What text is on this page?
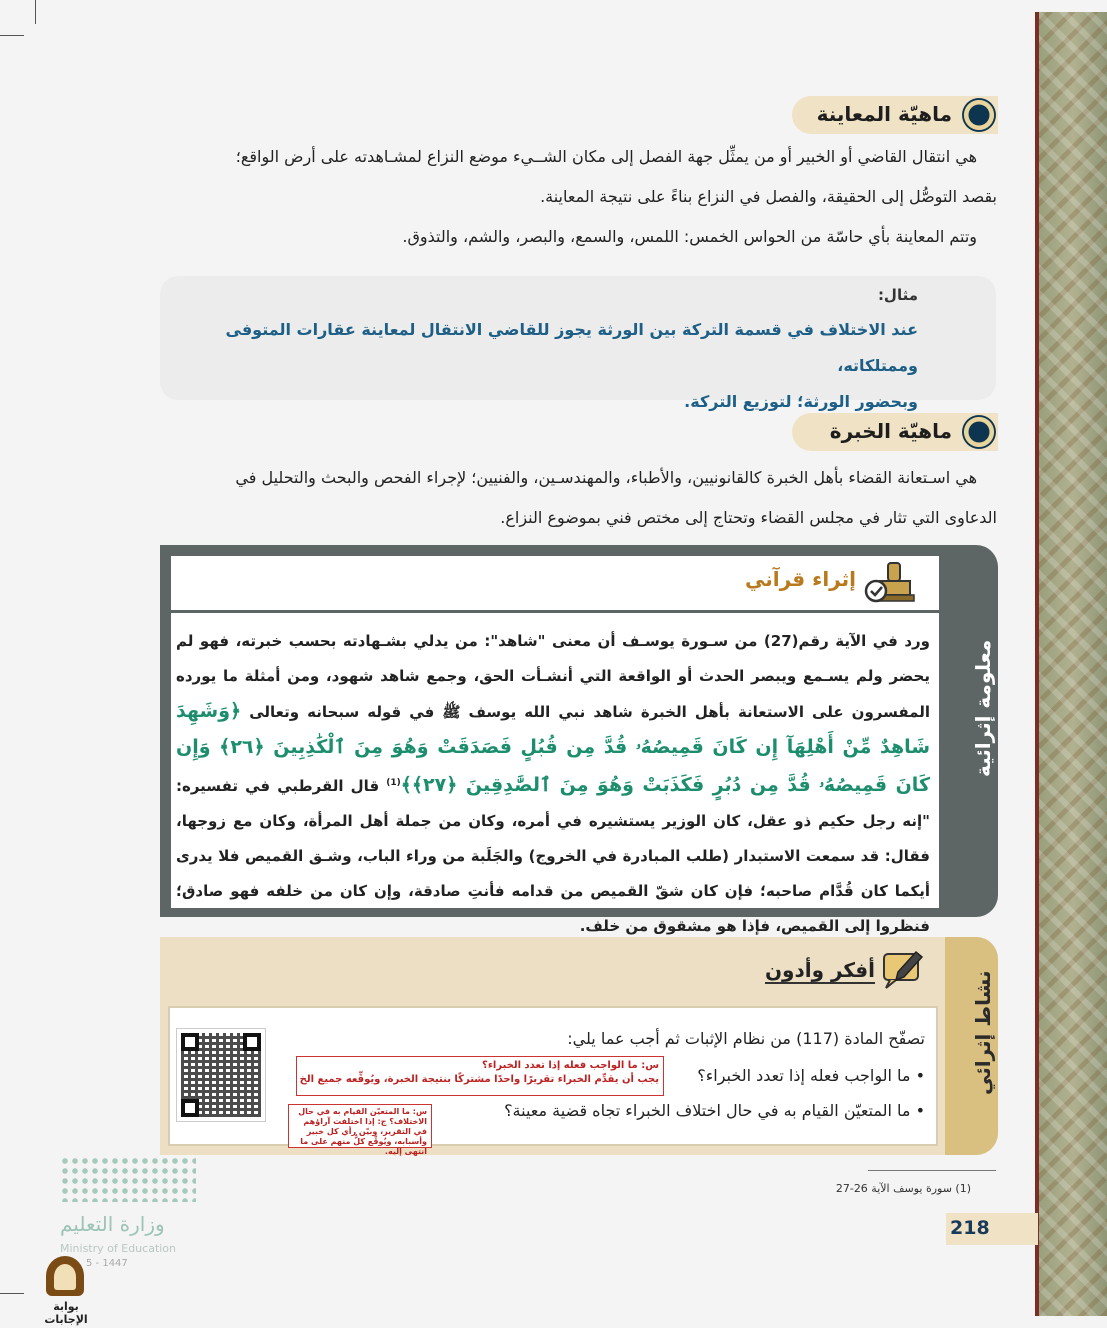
ماهيّة المعاينة
هي انتقال القاضي أو الخبير أو من يمثِّل جهة الفصل إلى مكان الشــيء موضع النزاع لمشـاهدته على أرض الواقع؛
بقصد التوصُّل إلى الحقيقة، والفصل في النزاع بناءً على نتيجة المعاينة.
وتتم المعاينة بأي حاسّة من الحواس الخمس: اللمس، والسمع، والبصر، والشم، والتذوق.
مثال:
عند الاختلاف في قسمة التركة بين الورثة يجوز للقاضي الانتقال لمعاينة عقارات المتوفى وممتلكاته،
وبحضور الورثة؛ لتوزيع التركة.
ماهيّة الخبرة
هي اسـتعانة القضاء بأهل الخبرة كالقانونيين، والأطباء، والمهندسـين، والفنيين؛ لإجراء الفحص والبحث والتحليل في
الدعاوى التي تثار في مجلس القضاء وتحتاج إلى مختص فني بموضوع النزاع.
معلومة إثرائية
إثراء قرآني
ورد في الآية رقم(27) من سـورة يوسـف أن معنى "شاهد": من يدلي بشـهادته بحسب خبرته، فهو لم يحضر ولم يسـمع ويبصر الحدث أو الواقعة التي أنشـأت الحق، وجمع شاهد شهود، ومن أمثلة ما يورده المفسرون على الاستعانة بأهل الخبرة شاهد نبي الله يوسف ﷺ في قوله سبحانه وتعالى ﴿وَشَهِدَ شَاهِدٌ مِّنْ أَهْلِهَآ إِن كَانَ قَمِيصُهُۥ قُدَّ مِن قُبُلٍ فَصَدَقَتْ وَهُوَ مِنَ ٱلْكَٰذِبِينَ ﴿٢٦﴾ وَإِن كَانَ قَمِيصُهُۥ قُدَّ مِن دُبُرٍ فَكَذَبَتْ وَهُوَ مِنَ ٱلصَّٰدِقِينَ ﴿٢٧﴾﴾$^{(1)}$ قال القرطبي في تفسيره: "إنه رجل حكيم ذو عقل، كان الوزير يستشيره في أمره، وكان من جملة أهل المرأة، وكان مع زوجها، فقال: قد سمعت الاستبدار (طلب المبادرة في الخروج) والجَلَبة من وراء الباب، وشـق القميص فلا يدرى أيكما كان قُدَّام صاحبه؛ فإن كان شقّ القميص من قدامه فأنتِ صادقة، وإن كان من خلفه فهو صادق؛ فنظروا إلى القميص، فإذا هو مشقوق من خلف.
نشاط إثرائي
أفكر وأدون
تصفّح المادة (117) من نظام الإثبات ثم أجب عما يلي:
• ما الواجب فعله إذا تعدد الخبراء؟
• ما المتعيّن القيام به في حال اختلاف الخبراء تجاه قضية معينة؟
س: ما الواجب فعله إذا تعدد الخبراء؟
يجب أن يقدِّم الخبراء تقريرًا واحدًا مشتركًا بنتيجة الخبرة، ويُوقِّعه جميع الخ
س: ما المتعيّن القيام به في حال الاختلاف؟ ج: إذا اختلفت آراؤهم في التقرير، وبيّن رأي كل خبير وأسبابه، ويُوقِّع كلٌّ منهم على ما انتهى إليه.
(1) سورة يوسف الآية 26-27
218
وزارة التعليم
Ministry of Education
5 - 1447
بوابة الإجابات
